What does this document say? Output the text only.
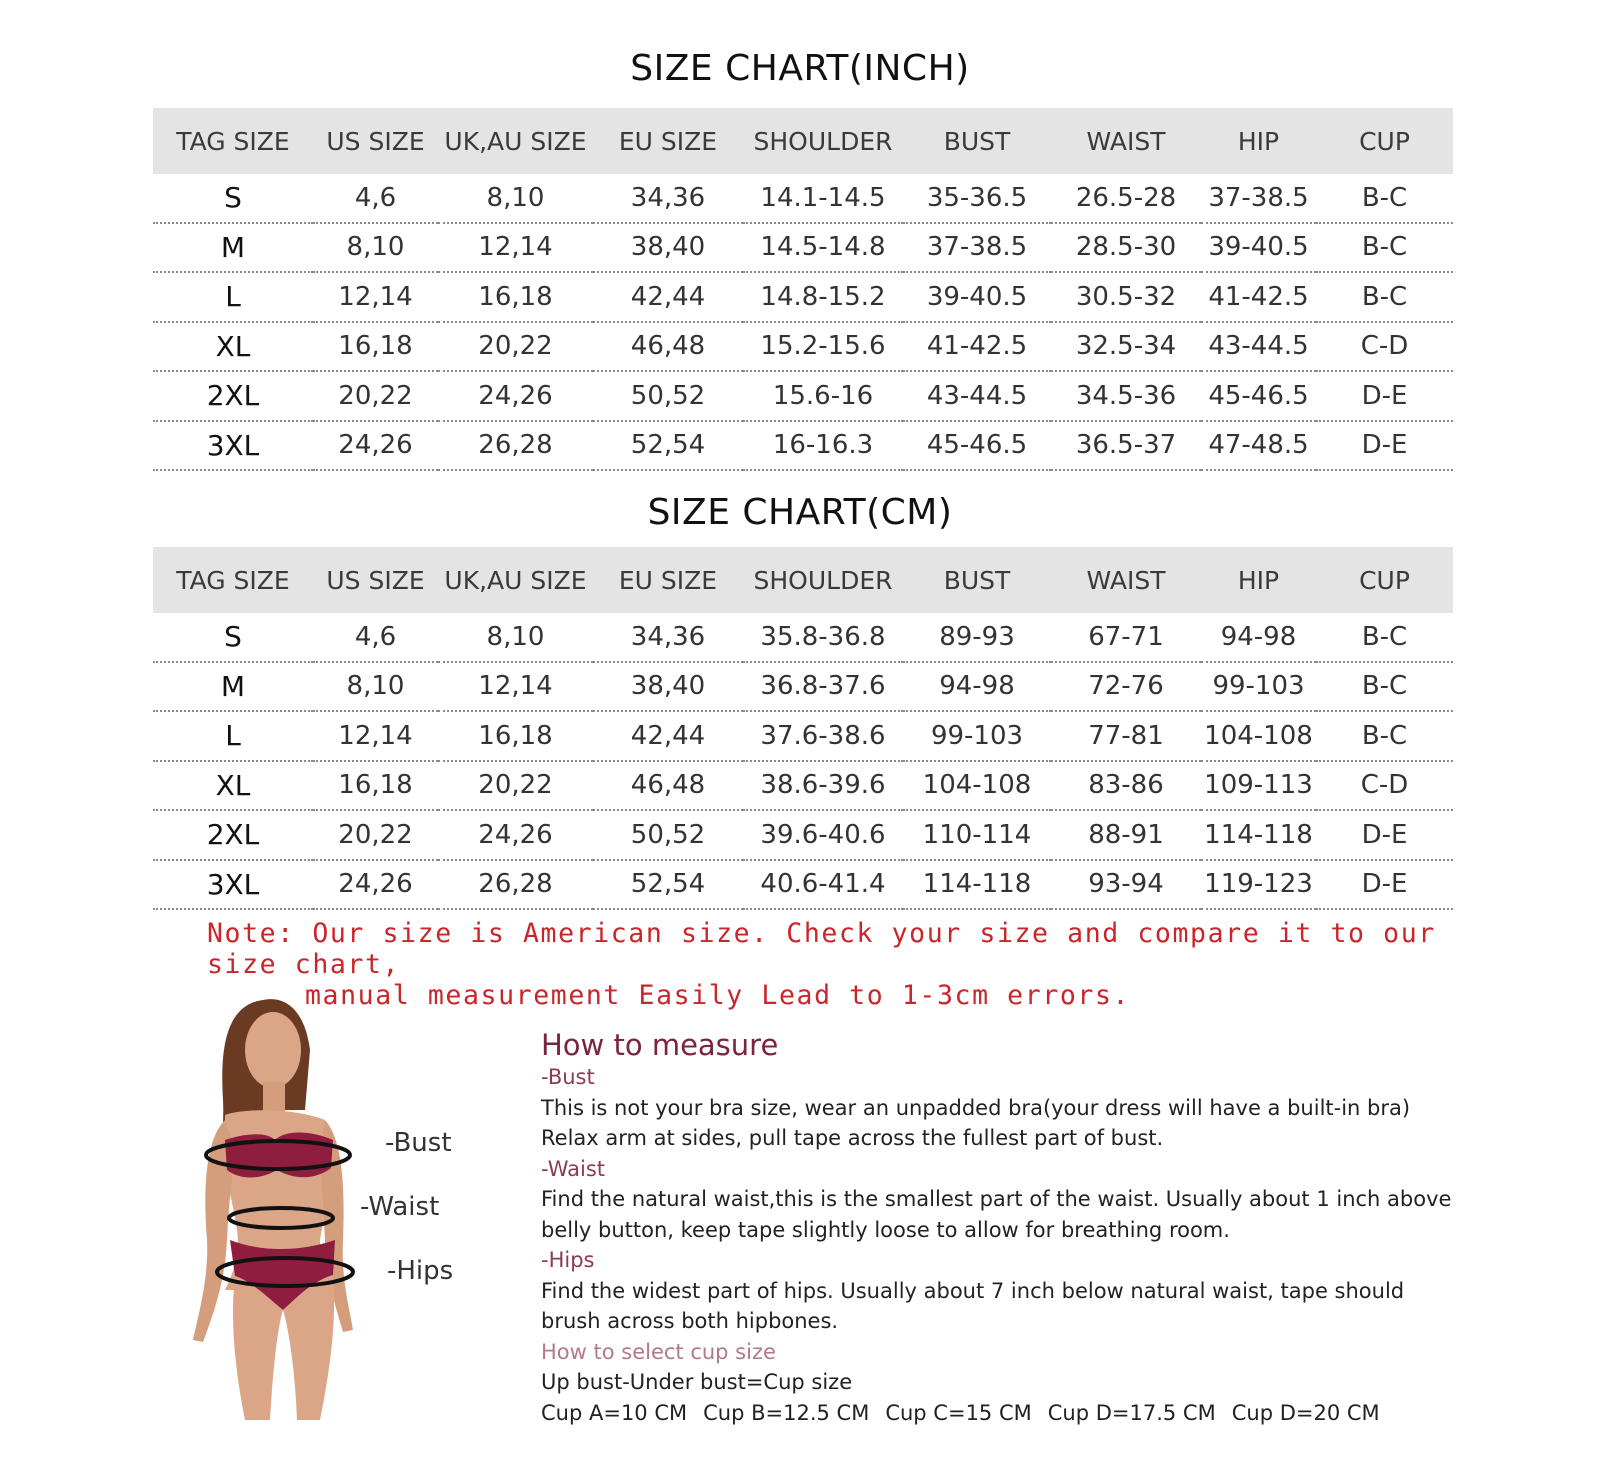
SIZE CHART(INCH)
TAG SIZE	US SIZE	UK,AU SIZE	EU SIZE	SHOULDER	BUST	WAIST	HIP	CUP
S	4,6	8,10	34,36	14.1-14.5	35-36.5	26.5-28	37-38.5	B-C
M	8,10	12,14	38,40	14.5-14.8	37-38.5	28.5-30	39-40.5	B-C
L	12,14	16,18	42,44	14.8-15.2	39-40.5	30.5-32	41-42.5	B-C
XL	16,18	20,22	46,48	15.2-15.6	41-42.5	32.5-34	43-44.5	C-D
2XL	20,22	24,26	50,52	15.6-16	43-44.5	34.5-36	45-46.5	D-E
3XL	24,26	26,28	52,54	16-16.3	45-46.5	36.5-37	47-48.5	D-E
SIZE CHART(CM)
TAG SIZE	US SIZE	UK,AU SIZE	EU SIZE	SHOULDER	BUST	WAIST	HIP	CUP
S	4,6	8,10	34,36	35.8-36.8	89-93	67-71	94-98	B-C
M	8,10	12,14	38,40	36.8-37.6	94-98	72-76	99-103	B-C
L	12,14	16,18	42,44	37.6-38.6	99-103	77-81	104-108	B-C
XL	16,18	20,22	46,48	38.6-39.6	104-108	83-86	109-113	C-D
2XL	20,22	24,26	50,52	39.6-40.6	110-114	88-91	114-118	D-E
3XL	24,26	26,28	52,54	40.6-41.4	114-118	93-94	119-123	D-E
Note: Our size is American size. Check your size and compare it to our size chart,
manual measurement Easily Lead to 1-3cm errors.
-Bust
-Waist
-Hips

How to measure

-Bust

This is not your bra size, wear an unpadded bra(your dress will have a built-in bra) Relax arm at sides, pull tape across the fullest part of bust.

-Waist

Find the natural waist,this is the smallest part of the waist. Usually about 1 inch above belly button, keep tape slightly loose to allow for breathing room.

-Hips

Find the widest part of hips. Usually about 7 inch below natural waist, tape should brush across both hipbones.

How to select cup size

Up bust-Under bust=Cup size

Cup A=10 CM Cup B=12.5 CM Cup C=15 CM Cup D=17.5 CM Cup D=20 CM
